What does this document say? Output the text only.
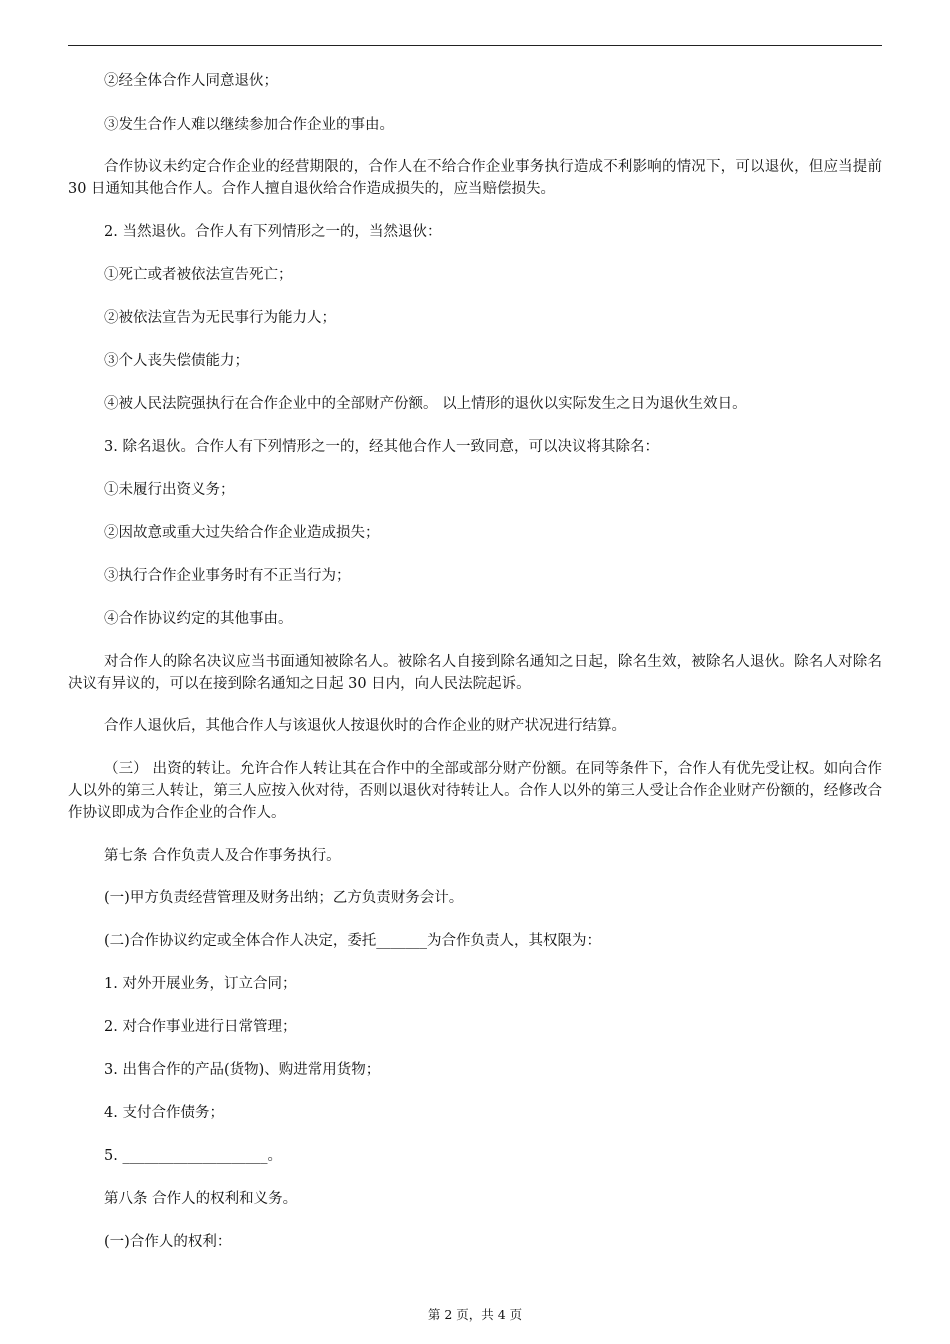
②经全体合作人同意退伙；
③发生合作人难以继续参加合作企业的事由。
合作协议未约定合作企业的经营期限的，合作人在不给合作企业事务执行造成不利影响的情况下，可以退伙，但应当提前 30 日通知其他合作人。合作人擅自退伙给合作造成损失的，应当赔偿损失。
2. 当然退伙。合作人有下列情形之一的，当然退伙：
①死亡或者被依法宣告死亡；
②被依法宣告为无民事行为能力人；
③个人丧失偿债能力；
④被人民法院强执行在合作企业中的全部财产份额。 以上情形的退伙以实际发生之日为退伙生效日。
3. 除名退伙。合作人有下列情形之一的，经其他合作人一致同意，可以决议将其除名：
①未履行出资义务；
②因故意或重大过失给合作企业造成损失；
③执行合作企业事务时有不正当行为；
④合作协议约定的其他事由。
对合作人的除名决议应当书面通知被除名人。被除名人自接到除名通知之日起，除名生效，被除名人退伙。除名人对除名决议有异议的，可以在接到除名通知之日起 30 日内，向人民法院起诉。
合作人退伙后，其他合作人与该退伙人按退伙时的合作企业的财产状况进行结算。
（三） 出资的转让。允许合作人转让其在合作中的全部或部分财产份额。在同等条件下，合作人有优先受让权。如向合作人以外的第三人转让，第三人应按入伙对待，否则以退伙对待转让人。合作人以外的第三人受让合作企业财产份额的，经修改合作协议即成为合作企业的合作人。
第七条 合作负责人及合作事务执行。
(一)甲方负责经营管理及财务出纳；乙方负责财务会计。
(二)合作协议约定或全体合作人决定，委托_______为合作负责人，其权限为：
1. 对外开展业务，订立合同；
2. 对合作事业进行日常管理；
3. 出售合作的产品(货物)、购进常用货物；
4. 支付合作债务；
5. ____________________。
第八条 合作人的权利和义务。
(一)合作人的权利：
第 2 页，共 4 页
